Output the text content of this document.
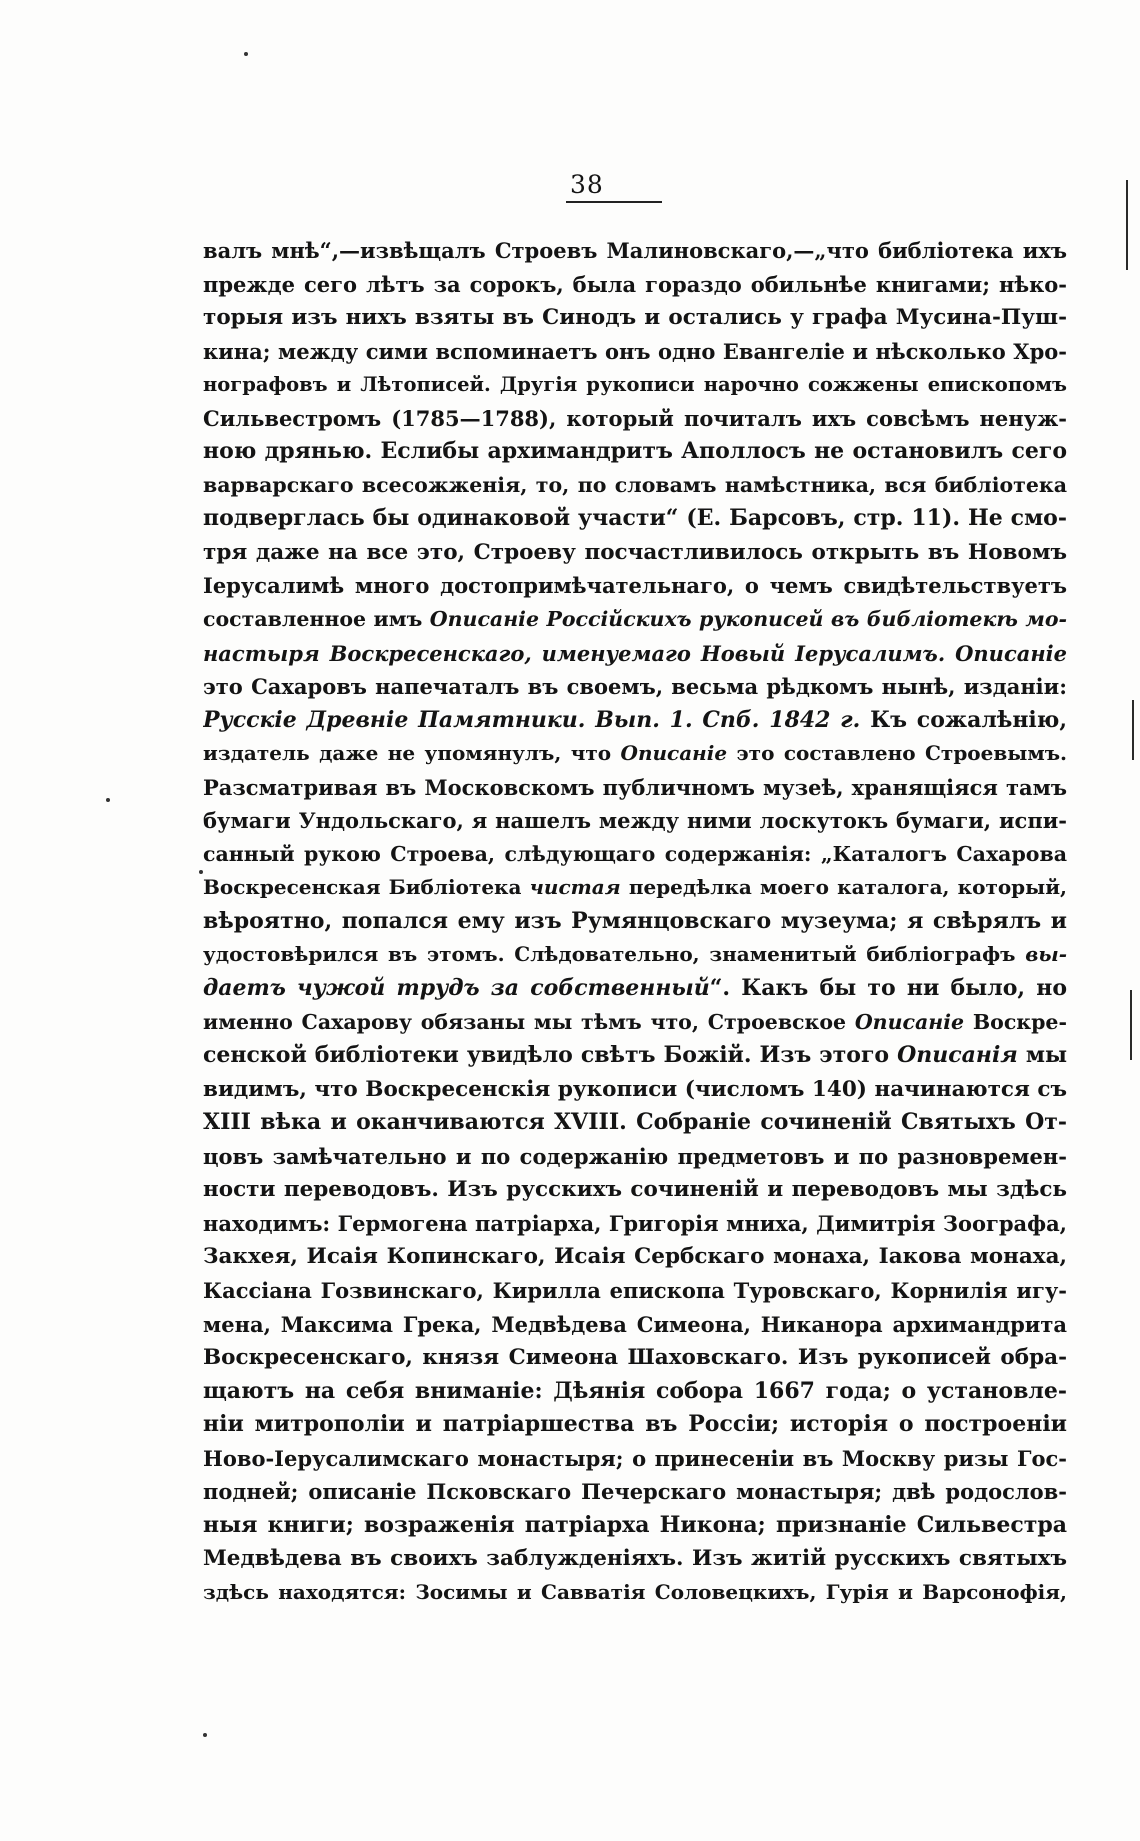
38
валъ мнѣ“,—извѣщалъ Строевъ Малиновскаго,—„что библіотека ихъ
прежде сего лѣтъ за сорокъ, была гораздо обильнѣе книгами; нѣко-
торыя изъ нихъ взяты въ Синодъ и остались у графа Мусина-Пуш-
кина; между сими вспоминаетъ онъ одно Евангеліе и нѣсколько Хро-
нографовъ и Лѣтописей. Другія рукописи нарочно сожжены епископомъ
Сильвестромъ (1785—1788), который почиталъ ихъ совсѣмъ ненуж-
ною дрянью. Еслибы архимандритъ Аполлосъ не остановилъ сего
варварскаго всесожженія, то, по словамъ намѣстника, вся библіотека
подверглась бы одинаковой участи“ (Е. Барсовъ, стр. 11). Не смо-
тря даже на все это, Строеву посчастливилось открыть въ Новомъ
Іерусалимѣ много достопримѣчательнаго, о чемъ свидѣтельствуетъ
составленное имъ Описаніе Россійскихъ рукописей въ библіотекѣ мо-
настыря Воскресенскаго, именуемаго Новый Іерусалимъ. Описаніе
это Сахаровъ напечаталъ въ своемъ, весьма рѣдкомъ нынѣ, изданіи:
Русскіе Древніе Памятники. Вып. 1. Спб. 1842 г. Къ сожалѣнію,
издатель даже не упомянулъ, что Описаніе это составлено Строевымъ.
Разсматривая въ Московскомъ публичномъ музеѣ, хранящіяся тамъ
бумаги Ундольскаго, я нашелъ между ними лоскутокъ бумаги, испи-
санный рукою Строева, слѣдующаго содержанія: „Каталогъ Сахарова
Воскресенская Библіотека чистая передѣлка моего каталога, который,
вѣроятно, попался ему изъ Румянцовскаго музеума; я свѣрялъ и
удостовѣрился въ этомъ. Слѣдовательно, знаменитый библіографъ вы-
даетъ чужой трудъ за собственный“. Какъ бы то ни было, но
именно Сахарову обязаны мы тѣмъ что, Строевское Описаніе Воскре-
сенской библіотеки увидѣло свѣтъ Божій. Изъ этого Описанія мы
видимъ, что Воскресенскія рукописи (числомъ 140) начинаются съ
XIII вѣка и оканчиваются XVIII. Собраніе сочиненій Святыхъ От-
цовъ замѣчательно и по содержанію предметовъ и по разновремен-
ности переводовъ. Изъ русскихъ сочиненій и переводовъ мы здѣсь
находимъ: Гермогена патріарха, Григорія мниха, Димитрія Зоографа,
Закхея, Исаія Копинскаго, Исаія Сербскаго монаха, Іакова монаха,
Кассіана Гозвинскаго, Кирилла епископа Туровскаго, Корнилія игу-
мена, Максима Грека, Медвѣдева Симеона, Никанора архимандрита
Воскресенскаго, князя Симеона Шаховскаго. Изъ рукописей обра-
щаютъ на себя вниманіе: Дѣянія собора 1667 года; о установле-
ніи митрополіи и патріаршества въ Россіи; исторія о построеніи
Ново-Іерусалимскаго монастыря; о принесеніи въ Москву ризы Гос-
подней; описаніе Псковскаго Печерскаго монастыря; двѣ родослов-
ныя книги; возраженія патріарха Никона; признаніе Сильвестра
Медвѣдева въ своихъ заблужденіяхъ. Изъ житій русскихъ святыхъ
здѣсь находятся: Зосимы и Савватія Соловецкихъ, Гурія и Варсонофія,
